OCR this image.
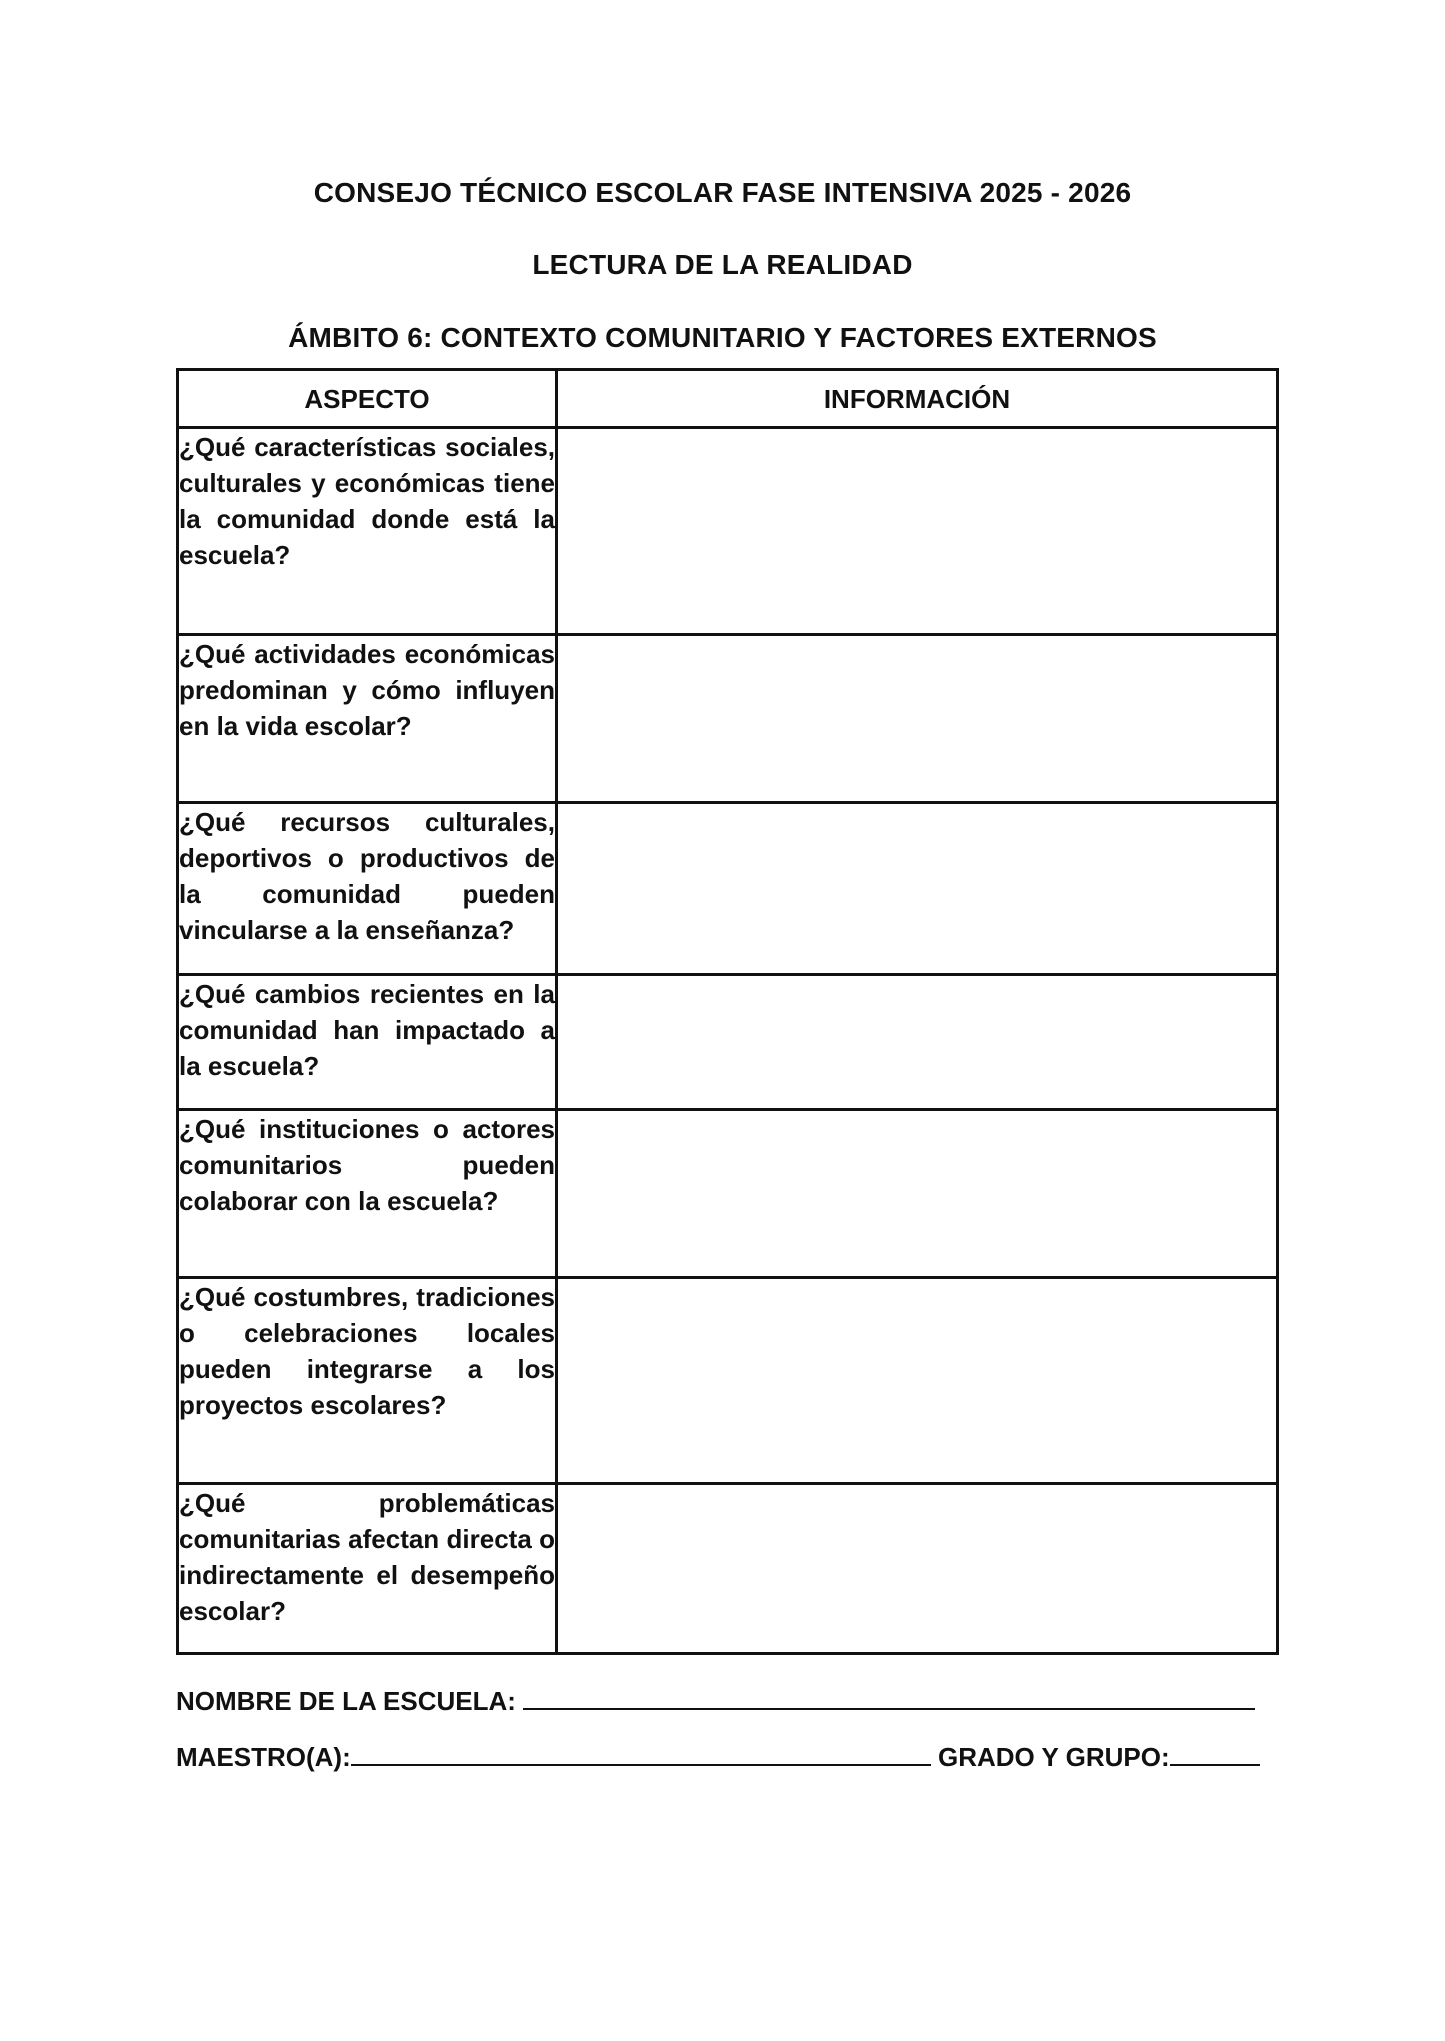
CONSEJO TÉCNICO ESCOLAR FASE INTENSIVA 2025 - 2026
LECTURA DE LA REALIDAD
ÁMBITO 6: CONTEXTO COMUNITARIO Y FACTORES EXTERNOS
ASPECTO	INFORMACIÓN
¿Qué características sociales, culturales y económicas tiene la comunidad donde está la escuela?	
¿Qué actividades económicas predominan y cómo influyen en la vida escolar?	
¿Qué recursos culturales, deportivos o productivos de la comunidad pueden vincularse a la enseñanza?	
¿Qué cambios recientes en la comunidad han impactado a la escuela?	
¿Qué instituciones o actores comunitarios pueden colaborar con la escuela?	
¿Qué costumbres, tradiciones o celebraciones locales pueden integrarse a los proyectos escolares?	
¿Qué problemáticas comunitarias afectan directa o indirectamente el desempeño escolar?	
NOMBRE DE LA ESCUELA:
MAESTRO(A):	GRADO Y GRUPO:
